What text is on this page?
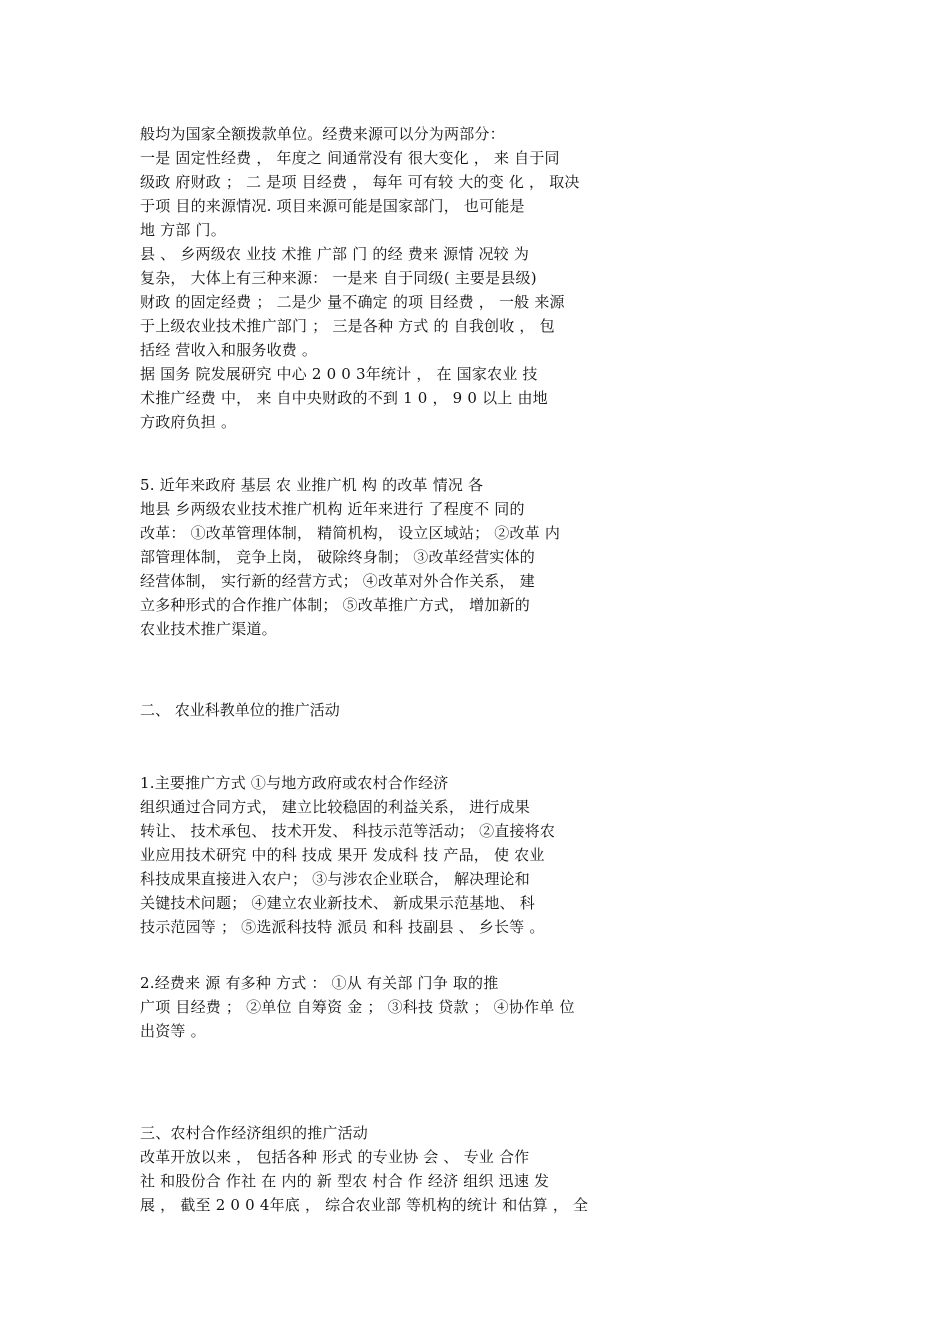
般均为国家全额拨款单位。经费来源可以分为两部分：
一是 固定性经费 ， 年度之 间通常没有 很大变化 ， 来 自于同
级政 府财政 ； 二 是项 目经费 ， 每年 可有较 大的变 化 ， 取决
于项 目的来源情况. 项目来源可能是国家部门， 也可能是
地 方部 门。
县 、 乡两级农 业技 术推 广部 门 的经 费来 源情 况较 为
复杂， 大体上有三种来源： 一是来 自于同级( 主要是县级)
财政 的固定经费 ； 二是少 量不确定 的项 目经费 ， 一般 来源
于上级农业技术推广部门 ； 三是各种 方式 的 自我创收 ， 包
括经 营收入和服务收费 。
据 国务 院发展研究 中心 2 0 0 3年统计 ， 在 国家农业 技
术推广经费 中， 来 自中央财政的不到 1 0 ， 9 0 以上 由地
方政府负担 。
5. 近年来政府 基层 农 业推广机 构 的改革 情况 各
地县 乡两级农业技术推广机构 近年来进行 了程度不 同的
改革： ①改革管理体制， 精简机构， 设立区域站； ②改革 内
部管理体制， 竞争上岗， 破除终身制； ③改革经营实体的
经营体制， 实行新的经营方式； ④改革对外合作关系， 建
立多种形式的合作推广体制； ⑤改革推广方式， 增加新的
农业技术推广渠道。
二、 农业科教单位的推广活动
1.主要推广方式 ①与地方政府或农村合作经济
组织通过合同方式， 建立比较稳固的利益关系， 进行成果
转让、 技术承包、 技术开发、 科技示范等活动； ②直接将农
业应用技术研究 中的科 技成 果开 发成科 技 产品， 使 农业
科技成果直接进入农户； ③与涉农企业联合， 解决理论和
关键技术问题； ④建立农业新技术、 新成果示范基地、 科
技示范园等 ； ⑤选派科技特 派员 和科 技副县 、 乡长等 。
2.经费来 源 有多种 方式 ： ①从 有关部 门争 取的推
广项 目经费 ； ②单位 自筹资 金 ； ③科技 贷款 ； ④协作单 位
出资等 。
三、农村合作经济组织的推广活动
改革开放以来 ， 包括各种 形式 的专业协 会 、 专业 合作
社 和股份合 作社 在 内的 新 型农 村合 作 经济 组织 迅速 发
展 ， 截至 2 0 0 4年底 ， 综合农业部 等机构的统计 和估算 ， 全
